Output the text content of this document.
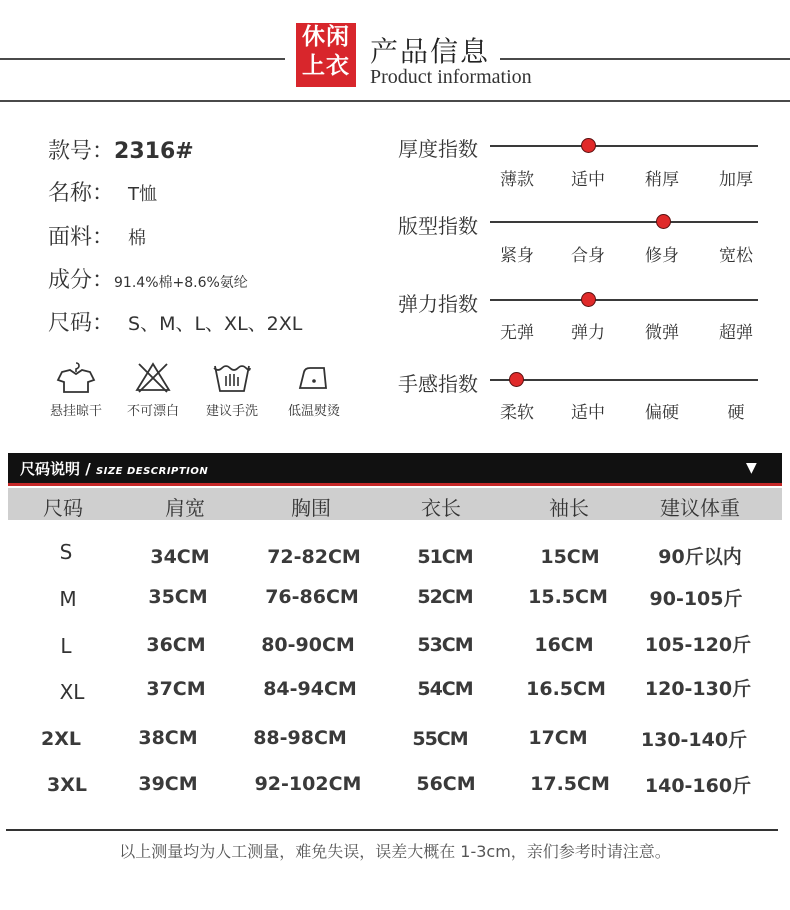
休闲
上衣 产品信息
Product information
款号：2316#
名称： T恤
面料： 棉
成分：91.4%棉+8.6%氨纶
尺码： S、M、L、XL、2XL
悬挂晾干	不可漂白	建议手洗	低温熨烫
厚度指数
薄款	适中	稍厚	加厚
版型指数
紧身	合身	修身	宽松
弹力指数
无弹	弹力	微弹	超弹
手感指数
柔软	适中	偏硬	硬
尺码说明 / SIZE DESCRIPTION	▼
尺码	肩宽	胸围	衣长	袖长	建议体重
S	34CM	72-82CM	51CM	15CM	90斤以内
M	35CM	76-86CM	52CM	15.5CM	90-105斤
L	36CM	80-90CM	53CM	16CM	105-120斤
XL	37CM	84-94CM	54CM	16.5CM	120-130斤
2XL	38CM	88-98CM	55CM	17CM	130-140斤
3XL	39CM	92-102CM	56CM	17.5CM	140-160斤
以上测量均为人工测量，难免失误，误差大概在 1-3cm，亲们参考时请注意。
